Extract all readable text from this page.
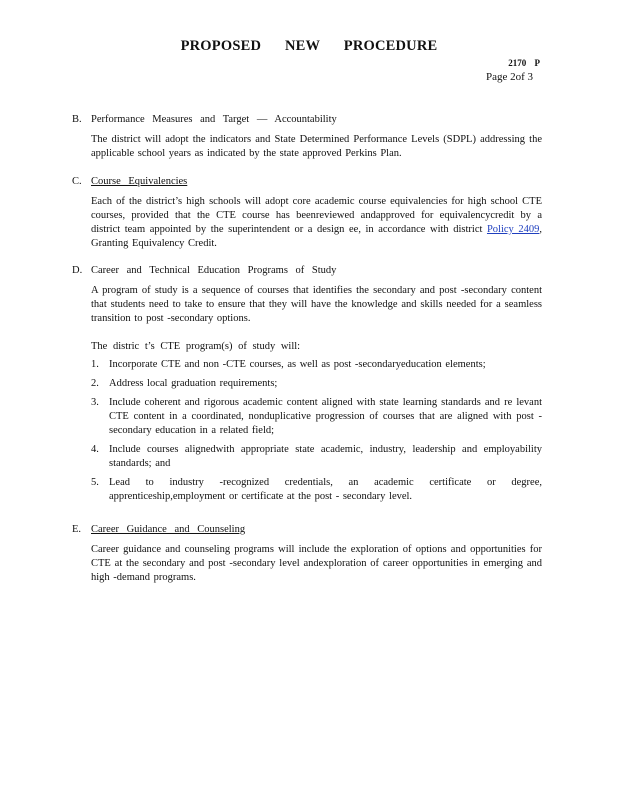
PROPOSED NEW PROCEDURE
2170 P
Page 2of 3
B. Performance Measures and Target — Accountability
The district will adopt the indicators and State Determined Performance Levels (SDPL) addressing the applicable school years as indicated by the state approved Perkins Plan.
C. Course Equivalencies
Each of the district’s high schools will adopt core academic course equivalencies for high school CTE courses, provided that the CTE course has beenreviewed andapproved for equivalencycredit by a district team appointed by the superintendent or a design ee, in accordance with district Policy 2409, Granting Equivalency Credit.
D. Career and Technical Education Programs of Study
A program of study is a sequence of courses that identifies the secondary and post -secondary content that students need to take to ensure that they will have the knowledge and skills needed for a seamless transition to post -secondary options.
The distric t’s CTE program(s) of study will:
1. Incorporate CTE and non -CTE courses, as well as post -secondaryeducation elements;
2. Address local graduation requirements;
3. Include coherent and rigorous academic content aligned with state learning standards and re levant CTE content in a coordinated, nonduplicative progression of courses that are aligned with post -secondary education in a related field;
4. Include courses alignedwith appropriate state academic, industry, leadership and employability standards; and
5. Lead to industry -recognized credentials, an academic certificate or degree, apprenticeship,employment or certificate at the post - secondary level.
E. Career Guidance and Counseling
Career guidance and counseling programs will include the exploration of options and opportunities for CTE at the secondary and post -secondary level andexploration of career opportunities in emerging and high -demand programs.
